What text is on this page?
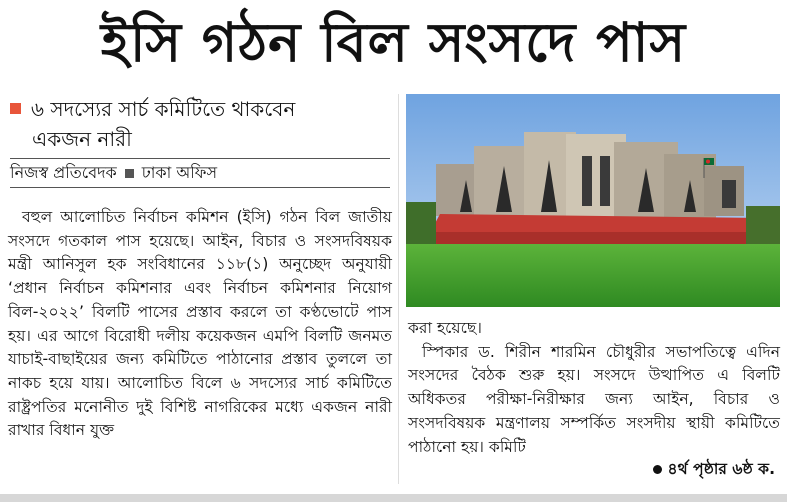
ইসি গঠন বিল সংসদে পাস
৬ সদস্যের সার্চ কমিটিতে থাকবেন
একজন নারী
নিজস্ব প্রতিবেদক ঢাকা অফিস

বহুল আলোচিত নির্বাচন কমিশন (ইসি) গঠন বিল জাতীয় সংসদে গতকাল পাস হয়েছে। আইন, বিচার ও সংসদবিষয়ক মন্ত্রী আনিসুল হক সংবিধানের ১১৮(১) অনুচ্ছেদ অনুযায়ী ‘প্রধান নির্বাচন কমিশনার এবং নির্বাচন কমিশনার নিয়োগ বিল-২০২২’ বিলটি পাসের প্রস্তাব করলে তা কণ্ঠভোটে পাস হয়। এর আগে বিরোধী দলীয় কয়েকজন এমপি বিলটি জনমত যাচাই-বাছাইয়ের জন্য কমিটিতে পাঠানোর প্রস্তাব তুললে তা নাকচ হয়ে যায়। আলোচিত বিলে ৬ সদস্যের সার্চ কমিটিতে রাষ্ট্রপতির মনোনীত দুই বিশিষ্ট নাগরিকের মধ্যে একজন নারী রাখার বিধান যুক্ত

করা হয়েছে।

স্পিকার ড. শিরীন শারমিন চৌধুরীর সভাপতিত্বে এদিন সংসদের বৈঠক শুরু হয়। সংসদে উত্থাপিত এ বিলটি অধিকতর পরীক্ষা-নিরীক্ষার জন্য আইন, বিচার ও সংসদবিষয়ক মন্ত্রণালয় সম্পর্কিত সংসদীয় স্থায়ী কমিটিতে পাঠানো হয়। কমিটি

৪র্থ পৃষ্ঠার ৬ষ্ঠ ক.
